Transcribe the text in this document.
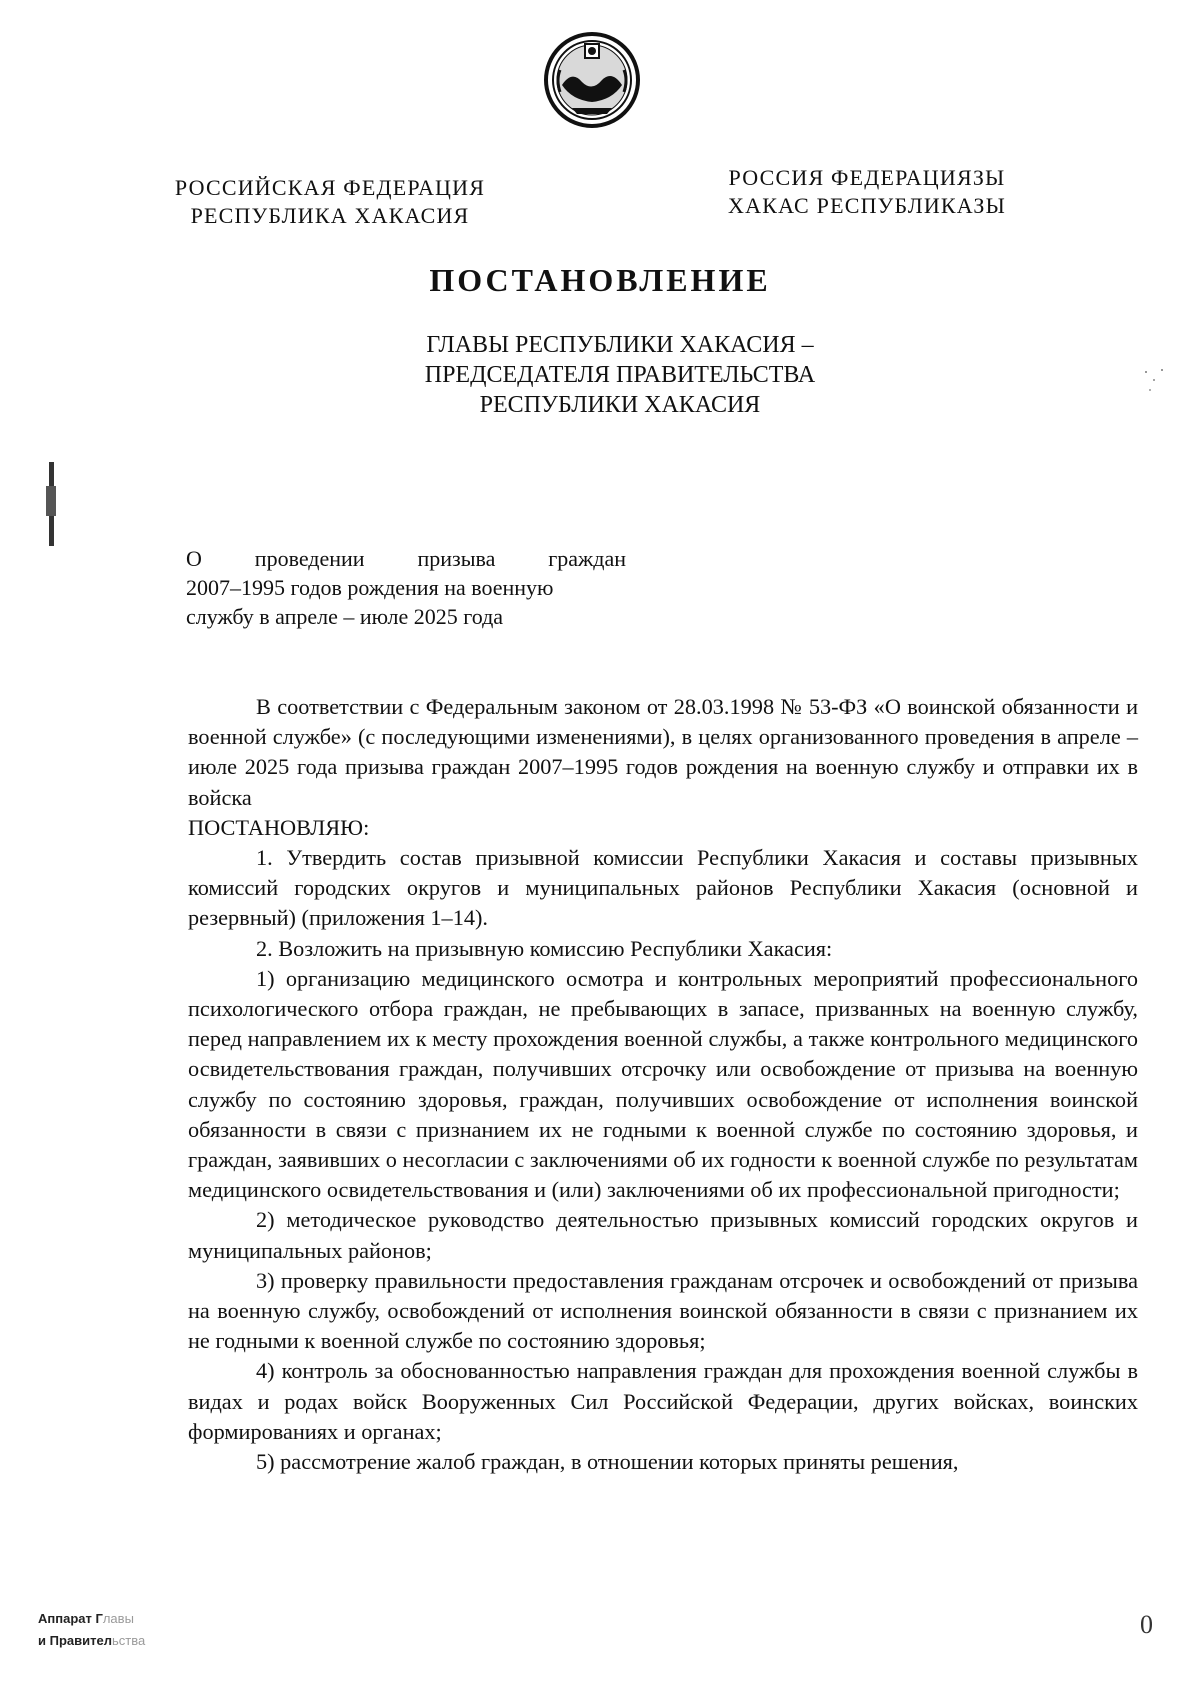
РОССИЙСКАЯ ФЕДЕРАЦИЯ
РЕСПУБЛИКА ХАКАСИЯ
РОССИЯ ФЕДЕРАЦИЯЗЫ
ХАКАС РЕСПУБЛИКАЗЫ
ПОСТАНОВЛЕНИЕ
ГЛАВЫ РЕСПУБЛИКИ ХАКАСИЯ –
ПРЕДСЕДАТЕЛЯ ПРАВИТЕЛЬСТВА
РЕСПУБЛИКИ ХАКАСИЯ
О проведении призыва граждан
2007–1995 годов рождения на военную
службу в апреле – июле 2025 года

В соответствии с Федеральным законом от 28.03.1998 № 53-ФЗ «О воинской обязанности и военной службе» (с последующими изменениями), в целях организованного проведения в апреле – июле 2025 года призыва граждан 2007–1995 годов рождения на военную службу и отправки их в войска

ПОСТАНОВЛЯЮ:

1. Утвердить состав призывной комиссии Республики Хакасия и составы призывных комиссий городских округов и муниципальных районов Республики Хакасия (основной и резервный) (приложения 1–14).

2. Возложить на призывную комиссию Республики Хакасия:

1) организацию медицинского осмотра и контрольных мероприятий профессионального психологического отбора граждан, не пребывающих в запасе, призванных на военную службу, перед направлением их к месту прохождения военной службы, а также контрольного медицинского освидетельствования граждан, получивших отсрочку или освобождение от призыва на военную службу по состоянию здоровья, граждан, получивших освобождение от исполнения воинской обязанности в связи с признанием их не годными к военной службе по состоянию здоровья, и граждан, заявивших о несогласии с заключениями об их годности к военной службе по результатам медицинского освидетельствования и (или) заключениями об их профессиональной пригодности;

2) методическое руководство деятельностью призывных комиссий городских округов и муниципальных районов;

3) проверку правильности предоставления гражданам отсрочек и освобождений от призыва на военную службу, освобождений от исполнения воинской обязанности в связи с признанием их не годными к военной службе по состоянию здоровья;

4) контроль за обоснованностью направления граждан для прохождения военной службы в видах и родах войск Вооруженных Сил Российской Федерации, других войсках, воинских формированиях и органах;

5) рассмотрение жалоб граждан, в отношении которых приняты решения,

Аппарат Главы
и Правительства
0
